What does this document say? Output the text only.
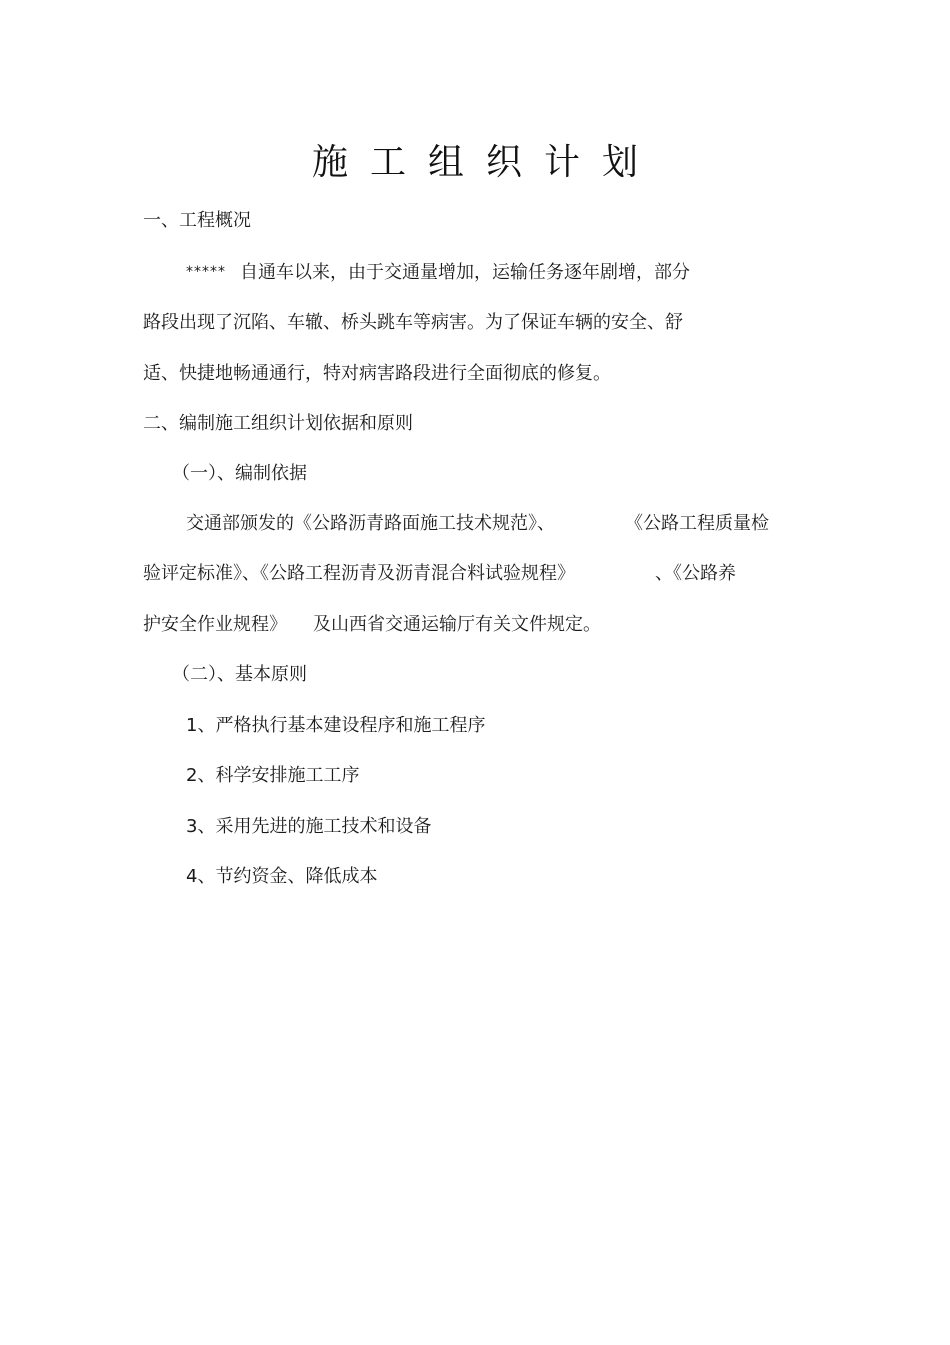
施工组织计划
一、工程概况
***** 自通车以来，由于交通量增加，运输任务逐年剧增，部分
路段出现了沉陷、车辙、桥头跳车等病害。为了保证车辆的安全、舒
适、快捷地畅通通行，特对病害路段进行全面彻底的修复。
二、编制施工组织计划依据和原则
（一）、编制依据
交通部颁发的《公路沥青路面施工技术规范》、	《公路工程质量检
验评定标准》、《公路工程沥青及沥青混合料试验规程》	、《公路养
护安全作业规程》 及山西省交通运输厅有关文件规定。
（二）、基本原则
1、严格执行基本建设程序和施工程序
2、科学安排施工工序
3、采用先进的施工技术和设备
4、节约资金、降低成本
